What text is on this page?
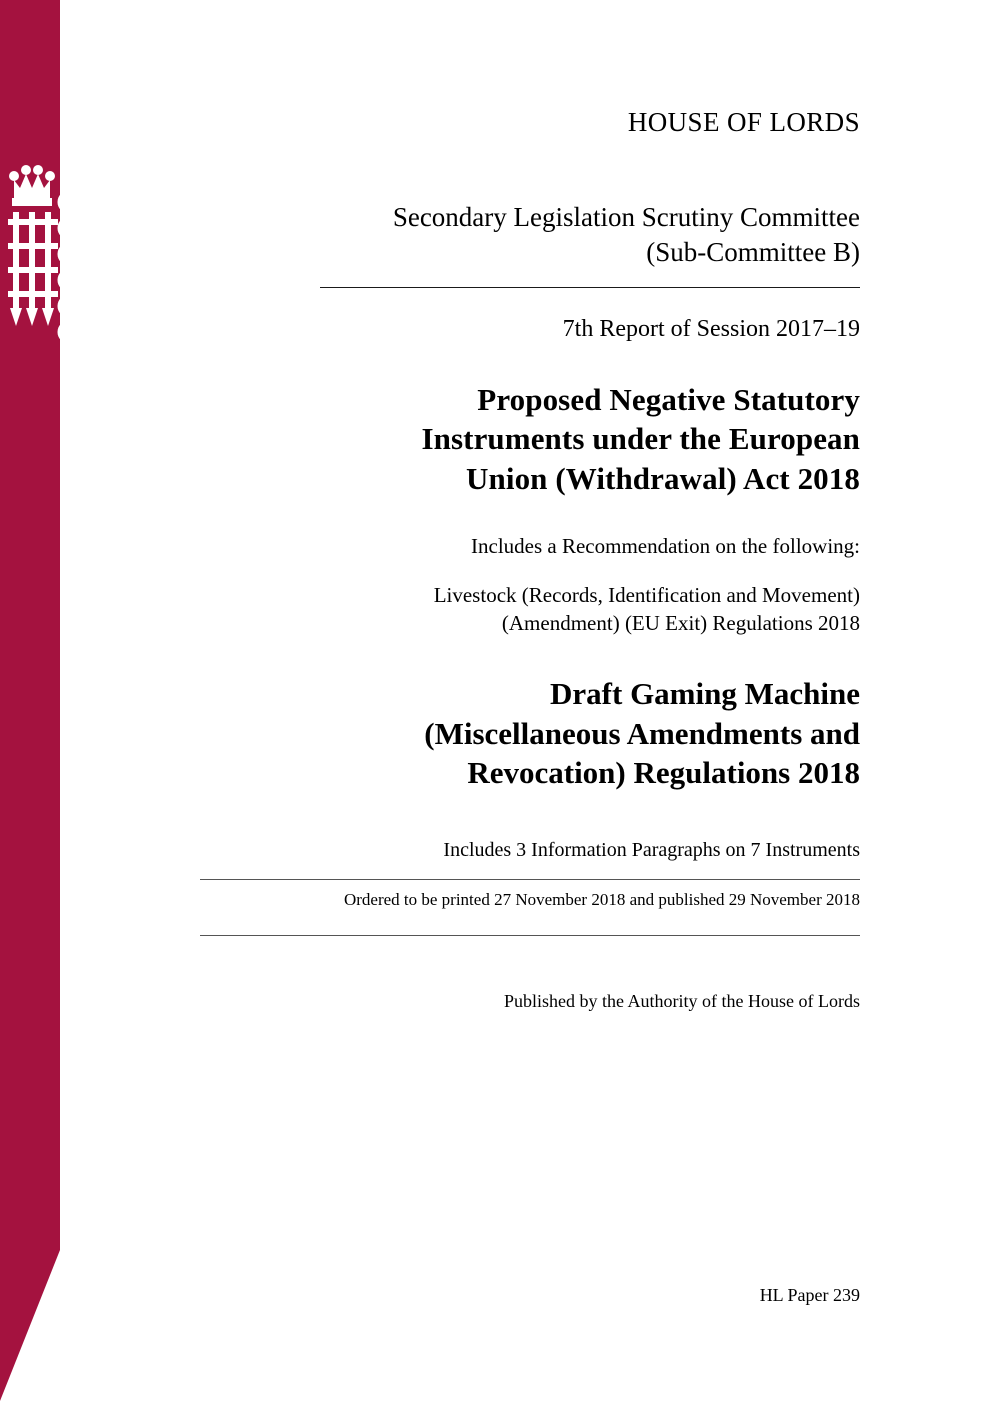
HOUSE OF LORDS
Secondary Legislation Scrutiny Committee
(Sub-Committee B)
7th Report of Session 2017–19
Proposed Negative Statutory
Instruments under the European
Union (Withdrawal) Act 2018
Includes a Recommendation on the following:
Livestock (Records, Identification and Movement)
(Amendment) (EU Exit) Regulations 2018
Draft Gaming Machine
(Miscellaneous Amendments and
Revocation) Regulations 2018
Includes 3 Information Paragraphs on 7 Instruments
Ordered to be printed 27 November 2018 and published 29 November 2018
Published by the Authority of the House of Lords
HL Paper 239
